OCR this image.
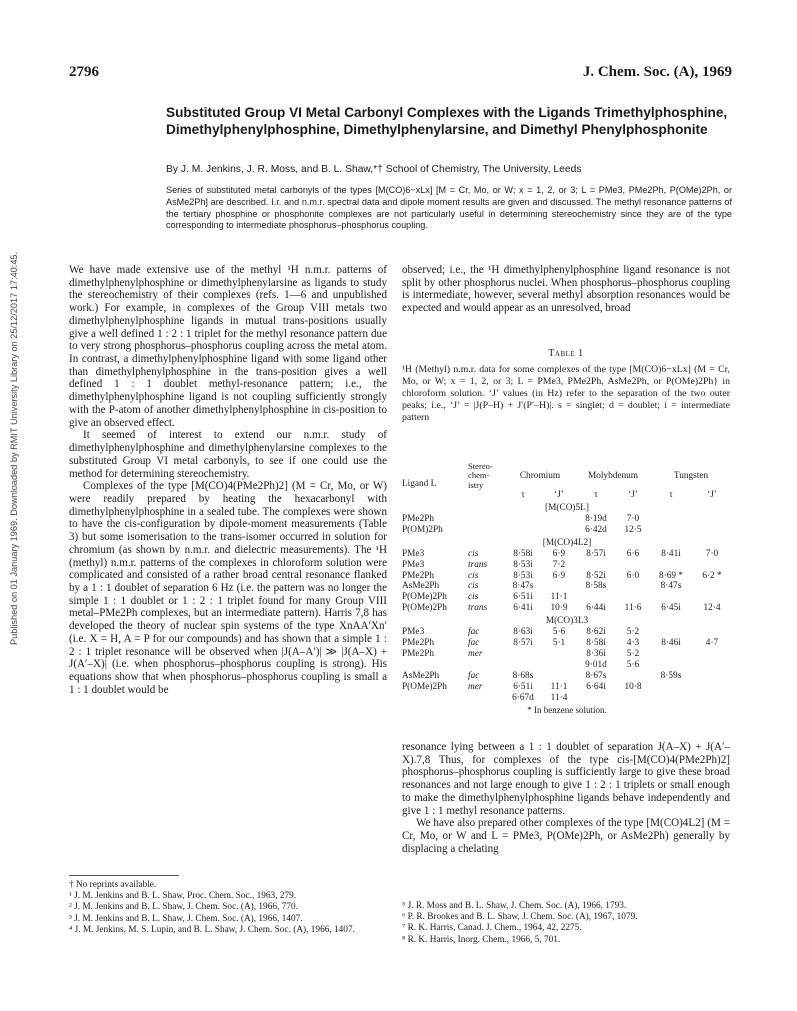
Published on 01 January 1969. Downloaded by RMIT University Library on 25/12/2017 17:40:45.
2796	J. Chem. Soc. (A), 1969
Substituted Group VI Metal Carbonyl Complexes with the Ligands Trimethylphosphine, Dimethylphenylphosphine, Dimethylphenylarsine, and Dimethyl Phenylphosphonite
By J. M. Jenkins, J. R. Moss, and B. L. Shaw,*† School of Chemistry, The University, Leeds
Series of substituted metal carbonyls of the types [M(CO)6−xLx] [M = Cr, Mo, or W; x = 1, 2, or 3; L = PMe3, PMe2Ph, P(OMe)2Ph, or AsMe2Ph] are described. I.r. and n.m.r. spectral data and dipole moment results are given and discussed. The methyl resonance patterns of the tertiary phosphine or phosphonite complexes are not particularly useful in determining stereochemistry since they are of the type corresponding to intermediate phosphorus–phosphorus coupling.

We have made extensive use of the methyl ¹H n.m.r. patterns of dimethylphenylphosphine or dimethylphenylarsine as ligands to study the stereochemistry of their complexes (refs. 1—6 and unpublished work.) For example, in complexes of the Group VIII metals two dimethylphenylphosphine ligands in mutual trans-positions usually give a well defined 1 : 2 : 1 triplet for the methyl resonance pattern due to very strong phosphorus–phosphorus coupling across the metal atom. In contrast, a dimethylphenylphosphine ligand with some ligand other than dimethylphenylphosphine in the trans-position gives a well defined 1 : 1 doublet methyl-resonance pattern; i.e., the dimethylphenylphosphine ligand is not coupling sufficiently strongly with the P-atom of another dimethylphenylphosphine in cis-position to give an observed effect.

It seemed of interest to extend our n.m.r. study of dimethylphenylphosphine and dimethylphenylarsine complexes to the substituted Group VI metal carbonyls, to see if one could use the method for determining stereochemistry.

Complexes of the type [M(CO)4(PMe2Ph)2] (M = Cr, Mo, or W) were readily prepared by heating the hexacarbonyl with dimethylphenylphosphine in a sealed tube. The complexes were shown to have the cis-configuration by dipole-moment measurements (Table 3) but some isomerisation to the trans-isomer occurred in solution for chromium (as shown by n.m.r. and dielectric measurements). The ¹H (methyl) n.m.r. patterns of the complexes in chloroform solution were complicated and consisted of a rather broad central resonance flanked by a 1 : 1 doublet of separation 6 Hz (i.e. the pattern was no longer the simple 1 : 1 doublet or 1 : 2 : 1 triplet found for many Group VIII metal–PMe2Ph complexes, but an intermediate pattern). Harris 7,8 has developed the theory of nuclear spin systems of the type XnAA′Xn′ (i.e. X = H, A = P for our compounds) and has shown that a simple 1 : 2 : 1 triplet resonance will be observed when |J(A–A′)| ≫ |J(A–X) + J(A′–X)| (i.e. when phosphorus–phosphorus coupling is strong). His equations show that when phosphorus–phosphorus coupling is small a 1 : 1 doublet would be

† No reprints available.
¹ J. M. Jenkins and B. L. Shaw, Proc. Chem. Soc., 1963, 279.
² J. M. Jenkins and B. L. Shaw, J. Chem. Soc. (A), 1966, 770.
³ J. M. Jenkins and B. L. Shaw, J. Chem. Soc. (A), 1966, 1407.
⁴ J. M. Jenkins, M. S. Lupin, and B. L. Shaw, J. Chem. Soc. (A), 1966, 1407.

observed; i.e., the ¹H dimethylphenylphosphine ligand resonance is not split by other phosphorus nuclei. When phosphorus–phosphorus coupling is intermediate, however, several methyl absorption resonances would be expected and would appear as an unresolved, broad

Table 1
¹H (Methyl) n.m.r. data for some complexes of the type [M(CO)6−xLx] (M = Cr, Mo, or W; x = 1, 2, or 3; L = PMe3, PMe2Ph, AsMe2Ph, or P(OMe)2Ph} in chloroform solution. ‘J’ values (in Hz) refer to the separation of the two outer peaks; i.e., ‘J’ = |J(P–H) + J′(P′–H)|. s = singlet; d = doublet; i = intermediate pattern
Ligand L	Stereo-chem-istry	Chromium		Molybdenum		Tungsten	
		τ	‘J’	τ	‘J’	τ	‘J’
[M(CO)5L]							
PMe2Ph				8·19d	7·0		
P(OM)2Ph				6·42d	12·5		
[M(CO)4L2]							
PMe3	cis	8·58i	6·9	8·57i	6·6	8·41i	7·0
PMe3	trans	8·53i	7·2				
PMe2Ph	cis	8·53i	6·9	8·52i	6·0	8·69 *	6·2 *
AsMe2Ph	cis	8·47s		8·58s		8·47s	
P(OMe)2Ph	cis	6·51i	11·1				
P(OMe)2Ph	trans	6·41i	10·9	6·44i	11·6	6·45i	12·4
M(CO)3L3							
PMe3	fac	8·63i	5·6	8·62i	5·2		
PMe2Ph	fac	8·57i	5·1	8·58i	4·3	8·46i	4·7
PMe2Ph	mer			8·36i	5·2		
				9·01d	5·6		
AsMe2Ph	fac	8·68s		8·67s		8·59s	
P(OMe)2Ph	mer	6·51i	11·1	6·64i	10·8		
		6·67d	11·4				
* In benzene solution.

resonance lying between a 1 : 1 doublet of separation J(A–X) + J(A′–X).7,8 Thus, for complexes of the type cis-[M(CO)4(PMe2Ph)2] phosphorus–phosphorus coupling is sufficiently large to give these broad resonances and not large enough to give 1 : 2 : 1 triplets or small enough to make the dimethylphenylphosphine ligands behave independently and give 1 : 1 methyl resonance patterns.

We have also prepared other complexes of the type [M(CO)4L2] (M = Cr, Mo, or W and L = PMe3, P(OMe)2Ph, or AsMe2Ph) generally by displacing a chelating

⁵ J. R. Moss and B. L. Shaw, J. Chem. Soc. (A), 1966, 1793.
⁶ P. R. Brookes and B. L. Shaw, J. Chem. Soc. (A), 1967, 1079.
⁷ R. K. Harris, Canad. J. Chem., 1964, 42, 2275.
⁸ R. K. Harris, Inorg. Chem., 1966, 5, 701.
